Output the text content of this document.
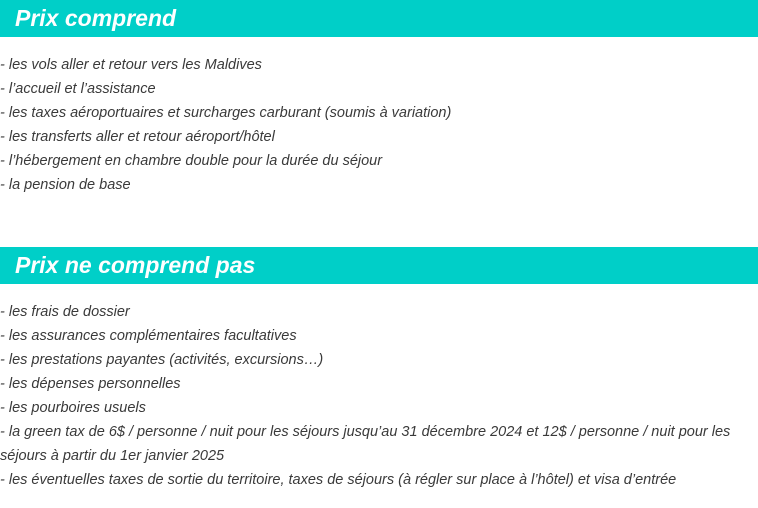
Prix comprend
- les vols aller et retour vers les Maldives
- l’accueil et l’assistance
- les taxes aéroportuaires et surcharges carburant (soumis à variation)
- les transferts aller et retour aéroport/hôtel
- l’hébergement en chambre double pour la durée du séjour
- la pension de base
Prix ne comprend pas
- les frais de dossier
- les assurances complémentaires facultatives
- les prestations payantes (activités, excursions…)
- les dépenses personnelles
- les pourboires usuels
- la green tax de 6$ / personne / nuit pour les séjours jusqu’au 31 décembre 2024 et 12$ / personne / nuit pour les séjours à partir du 1er janvier 2025
- les éventuelles taxes de sortie du territoire, taxes de séjours (à régler sur place à l’hôtel) et visa d’entrée
